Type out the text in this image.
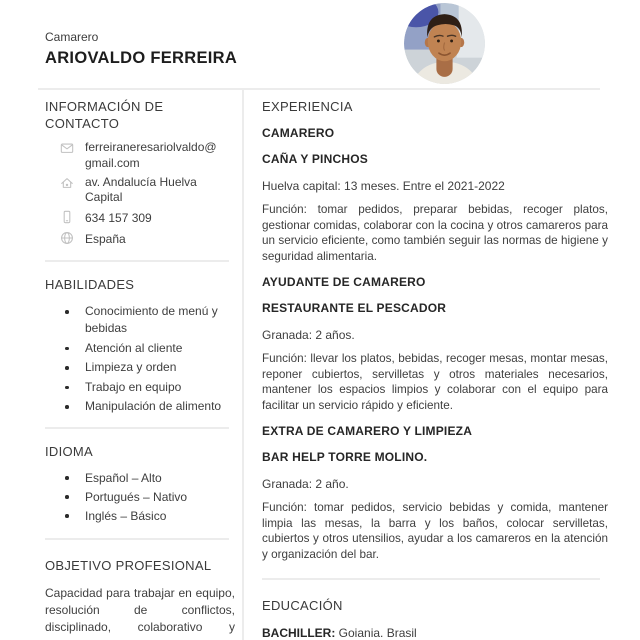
Camarero
ARIOVALDO FERREIRA
INFORMACIÓN DE CONTACTO
ferreiraneresariolvaldo@gmail.com
av. Andalucía Huelva Capital
634 157 309
España
HABILIDADES
Conocimiento de menú y bebidas
Atención al cliente
Limpieza y orden
Trabajo en equipo
Manipulación de alimento
IDIOMA
Español – Alto
Portugués – Nativo
Inglés – Básico
OBJETIVO PROFESIONAL

Capacidad para trabajar en equipo, resolución de conflictos, disciplinado, colaborativo y

EXPERIENCIA
CAMARERO
CAÑA Y PINCHOS

Huelva capital: 13 meses. Entre el 2021-2022

Función: tomar pedidos, preparar bebidas, recoger platos, gestionar comidas, colaborar con la cocina y otros camareros para un servicio eficiente, como también seguir las normas de higiene y seguridad alimentaria.

AYUDANTE DE CAMARERO
RESTAURANTE EL PESCADOR

Granada: 2 años.

Función: llevar los platos, bebidas, recoger mesas, montar mesas, reponer cubiertos, servilletas y otros materiales necesarios, mantener los espacios limpios y colaborar con el equipo para facilitar un servicio rápido y eficiente.

EXTRA DE CAMARERO Y LIMPIEZA
BAR HELP TORRE MOLINO.

Granada: 2 año.

Función: tomar pedidos, servicio bebidas y comida, mantener limpia las mesas, la barra y los baños, colocar servilletas, cubiertos y otros utensilios, ayudar a los camareros en la atención y organización del bar.

EDUCACIÓN

BACHILLER: Goiania. Brasil
